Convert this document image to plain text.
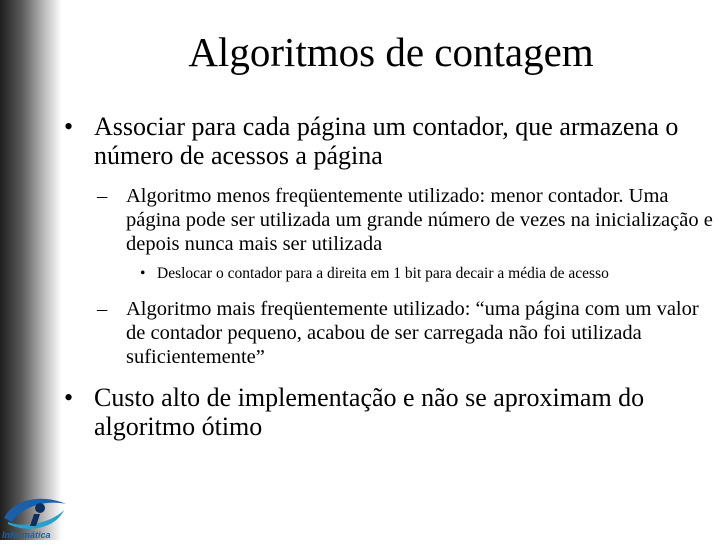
Algoritmos de contagem
• Associar para cada página um contador, que armazena o número de acessos a página
– Algoritmo menos freqüentemente utilizado: menor contador. Uma página pode ser utilizada um grande número de vezes na inicialização e depois nunca mais ser utilizada
• Deslocar o contador para a direita em 1 bit para decair a média de acesso
– Algoritmo mais freqüentemente utilizado: “uma página com um valor de contador pequeno, acabou de ser carregada não foi utilizada suficientemente”
• Custo alto de implementação e não se aproximam do algoritmo ótimo
Informática
